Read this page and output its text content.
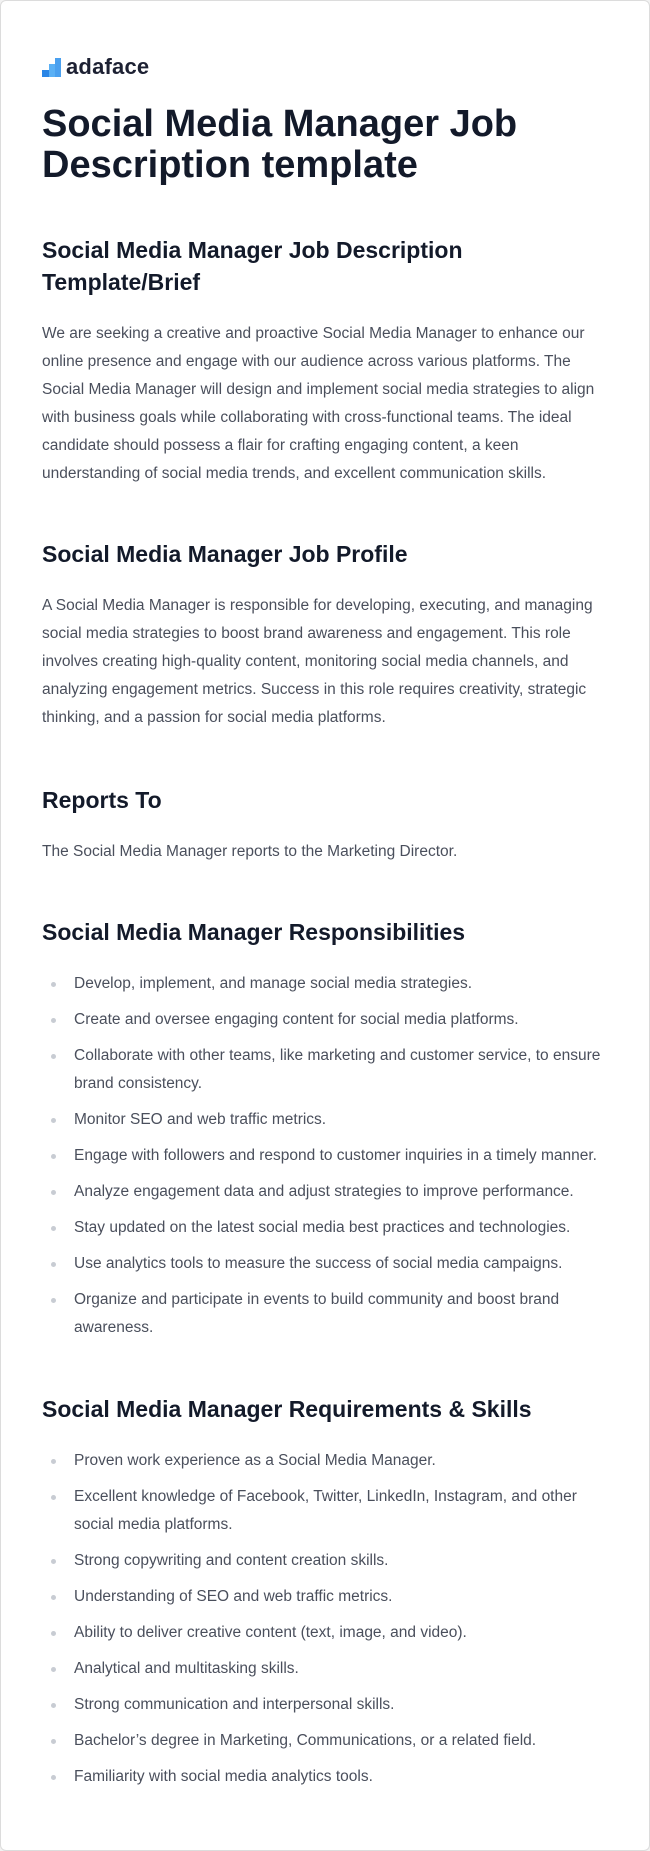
adaface
Social Media Manager Job Description template
Social Media Manager Job Description Template/Brief

We are seeking a creative and proactive Social Media Manager to enhance our online presence and engage with our audience across various platforms. The Social Media Manager will design and implement social media strategies to align with business goals while collaborating with cross-functional teams. The ideal candidate should possess a flair for crafting engaging content, a keen understanding of social media trends, and excellent communication skills.

Social Media Manager Job Profile

A Social Media Manager is responsible for developing, executing, and managing social media strategies to boost brand awareness and engagement. This role involves creating high-quality content, monitoring social media channels, and analyzing engagement metrics. Success in this role requires creativity, strategic thinking, and a passion for social media platforms.

Reports To

The Social Media Manager reports to the Marketing Director.

Social Media Manager Responsibilities
Develop, implement, and manage social media strategies.
Create and oversee engaging content for social media platforms.
Collaborate with other teams, like marketing and customer service, to ensure brand consistency.
Monitor SEO and web traffic metrics.
Engage with followers and respond to customer inquiries in a timely manner.
Analyze engagement data and adjust strategies to improve performance.
Stay updated on the latest social media best practices and technologies.
Use analytics tools to measure the success of social media campaigns.
Organize and participate in events to build community and boost brand awareness.
Social Media Manager Requirements & Skills
Proven work experience as a Social Media Manager.
Excellent knowledge of Facebook, Twitter, LinkedIn, Instagram, and other social media platforms.
Strong copywriting and content creation skills.
Understanding of SEO and web traffic metrics.
Ability to deliver creative content (text, image, and video).
Analytical and multitasking skills.
Strong communication and interpersonal skills.
Bachelor’s degree in Marketing, Communications, or a related field.
Familiarity with social media analytics tools.
